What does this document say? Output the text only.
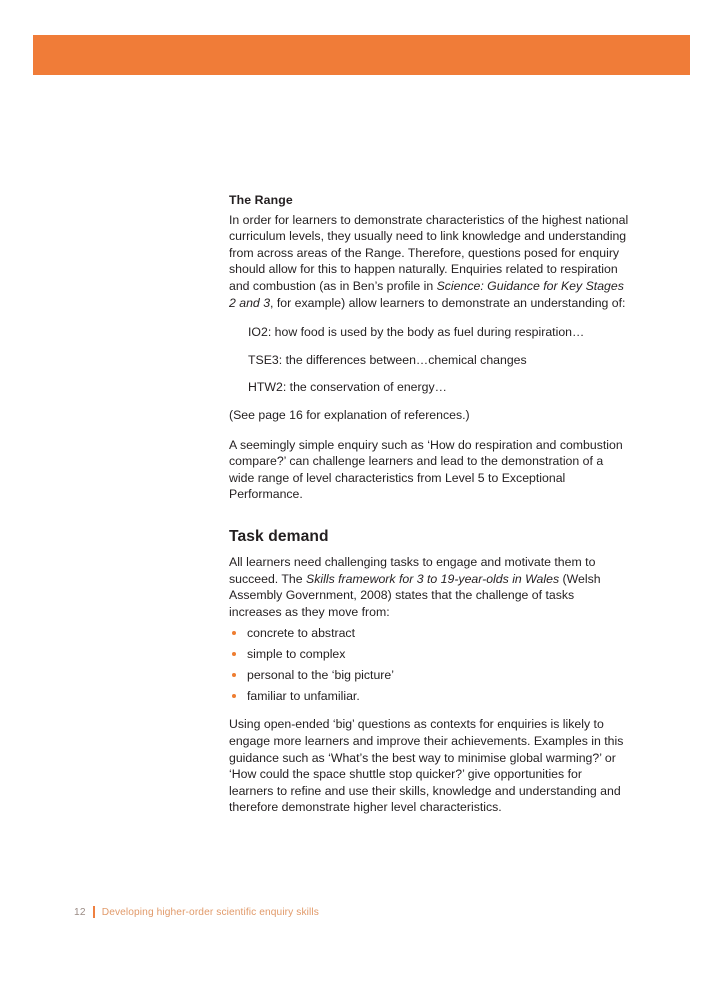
The Range

In order for learners to demonstrate characteristics of the highest national curriculum levels, they usually need to link knowledge and understanding from across areas of the Range. Therefore, questions posed for enquiry should allow for this to happen naturally. Enquiries related to respiration and combustion (as in Ben’s profile in Science: Guidance for Key Stages 2 and 3, for example) allow learners to demonstrate an understanding of:

IO2: how food is used by the body as fuel during respiration…
TSE3: the differences between…chemical changes
HTW2: the conservation of energy…

(See page 16 for explanation of references.)

A seemingly simple enquiry such as ‘How do respiration and combustion compare?’ can challenge learners and lead to the demonstration of a wide range of level characteristics from Level 5 to Exceptional Performance.

Task demand

All learners need challenging tasks to engage and motivate them to succeed. The Skills framework for 3 to 19-year-olds in Wales (Welsh Assembly Government, 2008) states that the challenge of tasks increases as they move from:

concrete to abstract
simple to complex
personal to the ‘big picture’
familiar to unfamiliar.

Using open-ended ‘big’ questions as contexts for enquiries is likely to engage more learners and improve their achievements. Examples in this guidance such as ‘What’s the best way to minimise global warming?’ or ‘How could the space shuttle stop quicker?’ give opportunities for learners to refine and use their skills, knowledge and understanding and therefore demonstrate higher level characteristics.

12 Developing higher-order scientific enquiry skills
